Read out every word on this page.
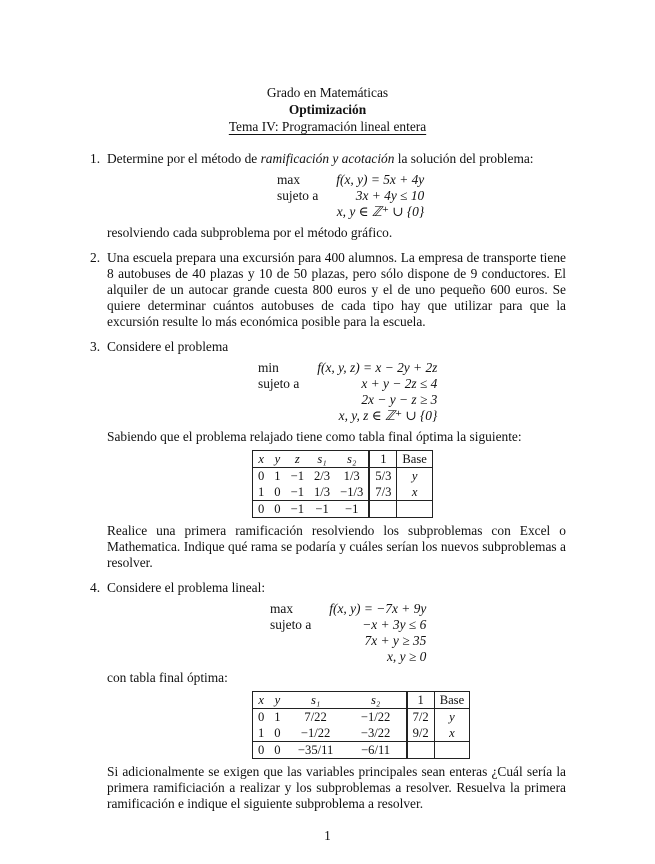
Grado en Matemáticas
Optimización
Tema IV: Programación lineal entera
1. Determine por el método de ramificación y acotación la solución del problema:
max	f(x, y) = 5x + 4y
sujeto a	3x + 4y ≤ 10
x, y ∈ ℤ⁺ ∪ {0}
resolviendo cada subproblema por el método gráfico.
2. Una escuela prepara una excursión para 400 alumnos. La empresa de transporte tiene 8 autobuses de 40 plazas y 10 de 50 plazas, pero sólo dispone de 9 conductores. El alquiler de un autocar grande cuesta 800 euros y el de uno pequeño 600 euros. Se quiere determinar cuántos autobuses de cada tipo hay que utilizar para que la excursión resulte lo más económica posible para la escuela.
3. Considere el problema
min	f(x, y, z) = x − 2y + 2z
sujeto a	x + y − 2z ≤ 4
2x − y − z ≥ 3
x, y, z ∈ ℤ⁺ ∪ {0}
Sabiendo que el problema relajado tiene como tabla final óptima la siguiente:
x	y	z	s₁	s₂	1	Base
0	1	−1	2/3	1/3	5/3	y
1	0	−1	1/3	−1/3	7/3	x
0	0	−1	−1	−1		
Realice una primera ramificación resolviendo los subproblemas con Excel o Mathematica. Indique qué rama se podaría y cuáles serían los nuevos subproblemas a resolver.
4. Considere el problema lineal:
max	f(x, y) = −7x + 9y
sujeto a	−x + 3y ≤ 6
7x + y ≥ 35
x, y ≥ 0
con tabla final óptima:
x	y	s₁	s₂	1	Base
0	1	7/22	−1/22	7/2	y
1	0	−1/22	−3/22	9/2	x
0	0	−35/11	−6/11		
Si adicionalmente se exigen que las variables principales sean enteras ¿Cuál sería la primera ramificiación a realizar y los subproblemas a resolver. Resuelva la primera ramificación e indique el siguiente subproblema a resolver.
1
